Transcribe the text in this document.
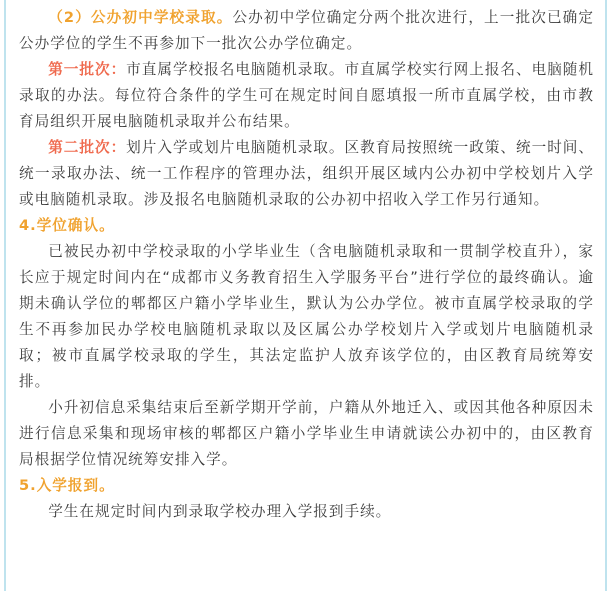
（2）公办初中学校录取。公办初中学位确定分两个批次进行，上一批次已确定公办学位的学生不再参加下一批次公办学位确定。

第一批次：市直属学校报名电脑随机录取。市直属学校实行网上报名、电脑随机录取的办法。每位符合条件的学生可在规定时间自愿填报一所市直属学校，由市教育局组织开展电脑随机录取并公布结果。

第二批次：划片入学或划片电脑随机录取。区教育局按照统一政策、统一时间、统一录取办法、统一工作程序的管理办法，组织开展区域内公办初中学校划片入学或电脑随机录取。涉及报名电脑随机录取的公办初中招收入学工作另行通知。

4.学位确认。

已被民办初中学校录取的小学毕业生（含电脑随机录取和一贯制学校直升），家长应于规定时间内在“成都市义务教育招生入学服务平台”进行学位的最终确认。逾期未确认学位的郫都区户籍小学毕业生，默认为公办学位。被市直属学校录取的学生不再参加民办学校电脑随机录取以及区属公办学校划片入学或划片电脑随机录取；被市直属学校录取的学生，其法定监护人放弃该学位的，由区教育局统筹安排。

小升初信息采集结束后至新学期开学前，户籍从外地迁入、或因其他各种原因未进行信息采集和现场审核的郫都区户籍小学毕业生申请就读公办初中的，由区教育局根据学位情况统筹安排入学。

5.入学报到。

学生在规定时间内到录取学校办理入学报到手续。
